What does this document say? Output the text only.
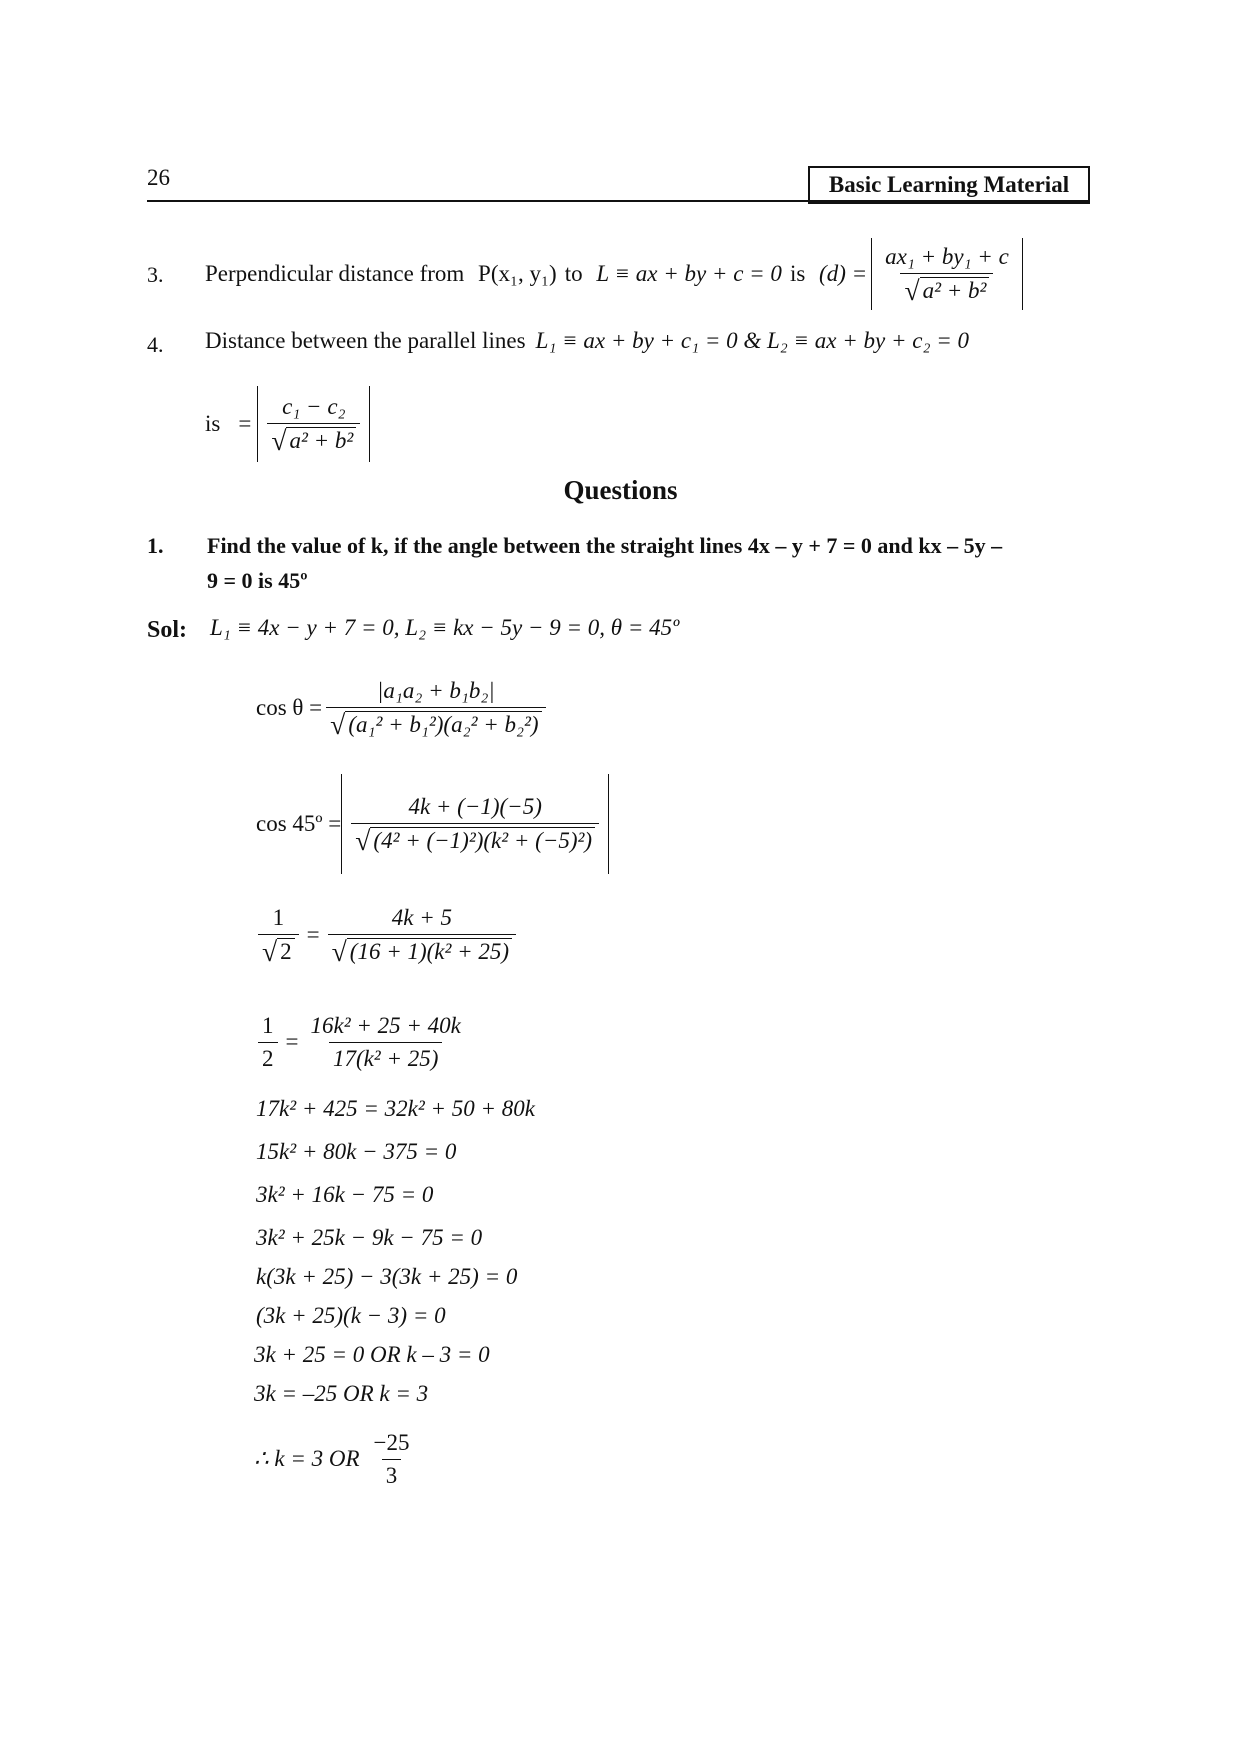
26	Basic Learning Material
3. Perpendicular distance from
P(x₁, y₁) to
L ≡ ax + by + c = 0 is
$(d) = \frac{\text{ax₁ + by₁ + c}}{\text{√ a² + b²}}$
4. Distance between the parallel lines L₁ ≡ ax + by + c₁ = 0 & L₂ ≡ ax + by + c₂ = 0
is = $\frac{\text{c₁ − c₂}}{\text{√ a² + b²}}$
Questions
1. Find the value of k, if the angle between the straight lines 4x – y + 7 = 0 and kx – 5y –
9 = 0 is 45º
Sol: L₁ ≡ 4x − y + 7 = 0, L₂ ≡ kx − 5y − 9 = 0, θ = 45º
$\cos \theta = \frac{\text{|a₁a₂ + b₁b₂|}}{\text{√ (a₁² + b₁²)(a₂² + b₂²)}}$
cos 45º = $\frac{4k + (-1)(-5)}{\text{√ (4² + (−1)²)(k² + (−5)²)}}$
$\frac{1}{√ 2} = \frac{4k + 5}{\text{√ (16 + 1)(k² + 25)}}$
$\frac{1}{2} = \frac{\text{16k² + 25 + 40k}}{\text{17(k² + 25)}}$
17k² + 425 = 32k² + 50 + 80k
15k² + 80k − 375 = 0
3k² + 16k − 75 = 0
3k² + 25k − 9k − 75 = 0
k(3k + 25) − 3(3k + 25) = 0
(3k + 25)(k − 3) = 0
3k + 25 = 0 OR k – 3 = 0
3k = –25 OR k = 3
∴ k = 3 OR $\frac{-25}{3}$
